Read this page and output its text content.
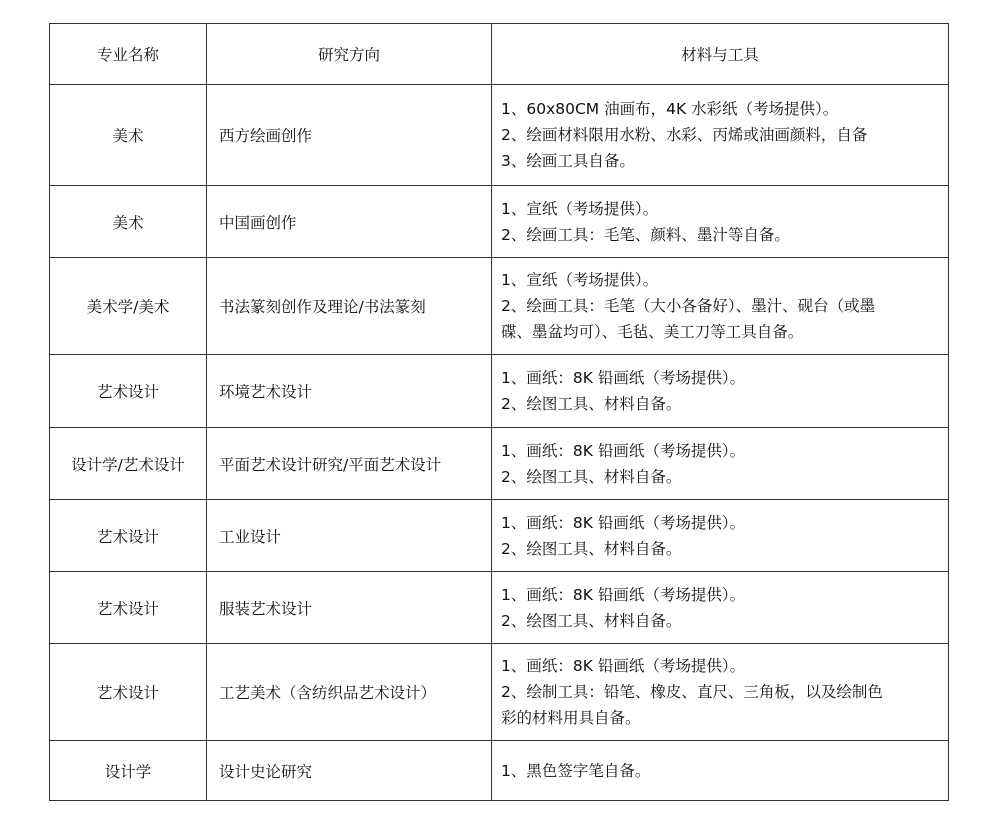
专业名称	研究方向	材料与工具
美术	西方绘画创作	1、60x80CM 油画布，4K 水彩纸（考场提供）。
2、绘画材料限用水粉、水彩、丙烯或油画颜料，自备
3、绘画工具自备。

美术	中国画创作	1、宣纸（考场提供）。
2、绘画工具：毛笔、颜料、墨汁等自备。

美术学/美术	书法篆刻创作及理论/书法篆刻	1、宣纸（考场提供）。
2、绘画工具：毛笔（大小各备好）、墨汁、砚台（或墨
碟、墨盆均可）、毛毡、美工刀等工具自备。

艺术设计	环境艺术设计	1、画纸：8K 铅画纸（考场提供）。
2、绘图工具、材料自备。

设计学/艺术设计	平面艺术设计研究/平面艺术设计	1、画纸：8K 铅画纸（考场提供）。
2、绘图工具、材料自备。

艺术设计	工业设计	1、画纸：8K 铅画纸（考场提供）。
2、绘图工具、材料自备。

艺术设计	服装艺术设计	1、画纸：8K 铅画纸（考场提供）。
2、绘图工具、材料自备。

艺术设计	工艺美术（含纺织品艺术设计）	1、画纸：8K 铅画纸（考场提供）。
2、绘制工具：铅笔、橡皮、直尺、三角板，以及绘制色
彩的材料用具自备。

设计学	设计史论研究	1、黑色签字笔自备。
